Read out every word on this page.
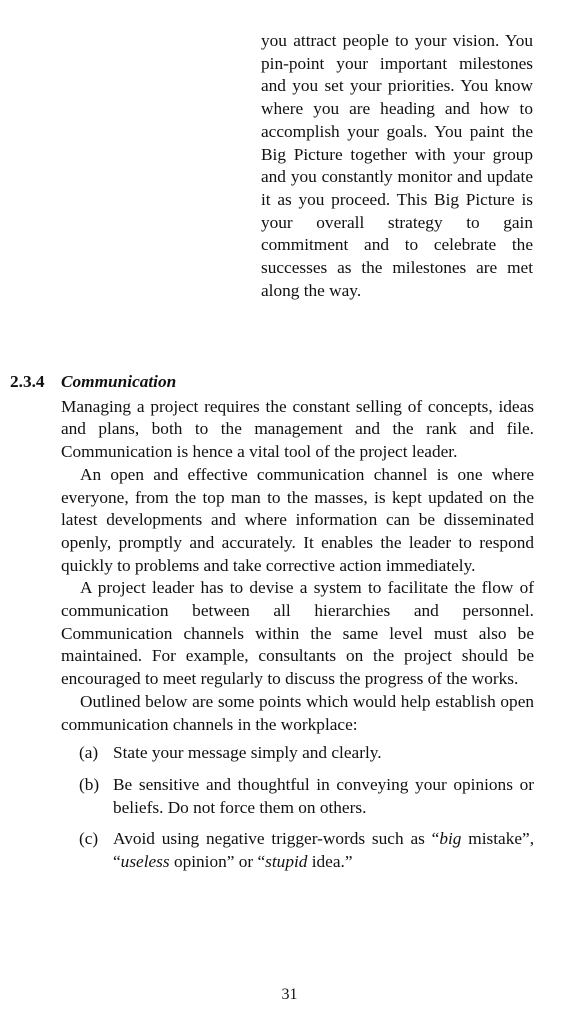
you attract people to your vision. You pin-point your important milestones and you set your priorities. You know where you are heading and how to accomplish your goals. You paint the Big Picture together with your group and you constantly monitor and update it as you proceed. This Big Picture is your overall strategy to gain commitment and to celebrate the successes as the milestones are met along the way.
2.3.4 Communication

Managing a project requires the constant selling of concepts, ideas and plans, both to the management and the rank and file. Communication is hence a vital tool of the project leader.

An open and effective communication channel is one where everyone, from the top man to the masses, is kept updated on the latest developments and where information can be disseminated openly, promptly and accurately. It enables the leader to respond quickly to problems and take corrective action immediately.

A project leader has to devise a system to facilitate the flow of communication between all hierarchies and personnel. Communication channels within the same level must also be maintained. For example, consultants on the project should be encouraged to meet regularly to discuss the progress of the works.

Outlined below are some points which would help establish open communication channels in the workplace:

(a) State your message simply and clearly.
(b) Be sensitive and thoughtful in conveying your opinions or beliefs. Do not force them on others.
(c) Avoid using negative trigger-words such as “big mistake”, “useless opinion” or “stupid idea.”
31
